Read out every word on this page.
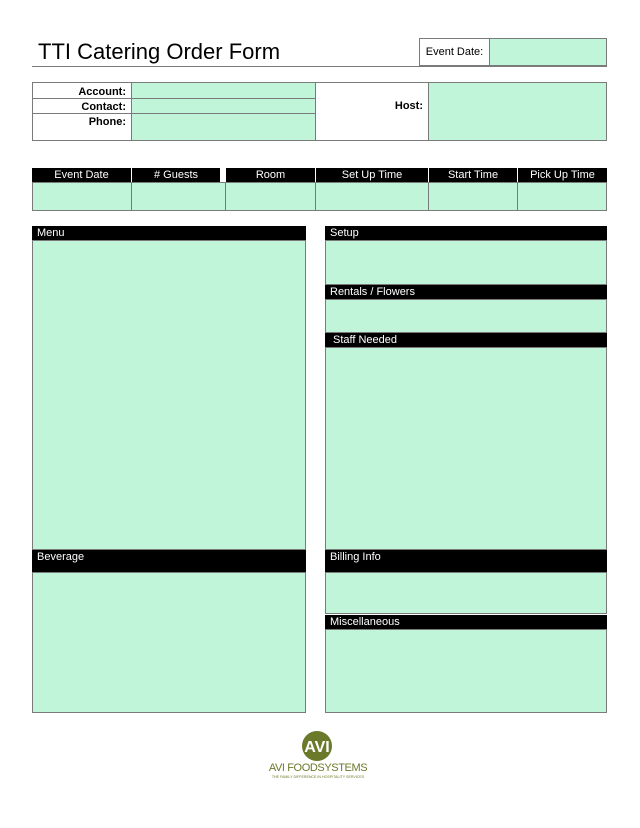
TTI Catering Order Form	Event Date:
Account:
Contact:
Phone:
Host:
Event Date	# Guests	Room	Set Up Time	Start Time	Pick Up Time
Menu
Beverage
Setup
Rentals / Flowers
Staff Needed
Billing Info
Miscellaneous
AVI
AVI FOODSYSTEMS
THE FAMILY DIFFERENCE IN HOSPITALITY SERVICES
